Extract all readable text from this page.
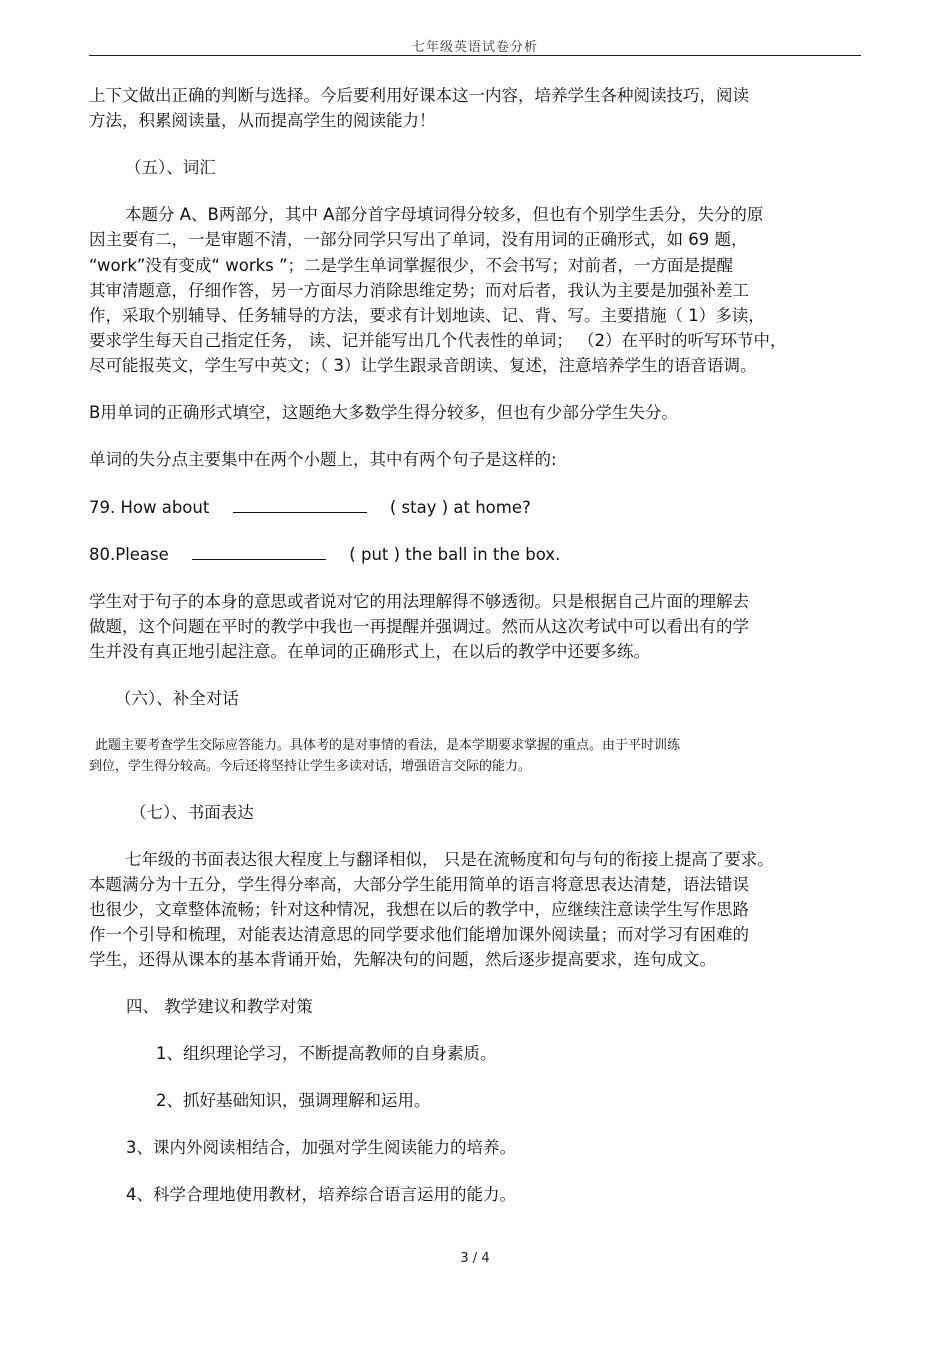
七年级英语试卷分析
上下文做出正确的判断与选择。今后要利用好课本这一内容，培养学生各种阅读技巧，阅读
方法，积累阅读量，从而提高学生的阅读能力！
（五）、词汇
本题分 A、B两部分，其中 A部分首字母填词得分较多，但也有个别学生丢分，失分的原
因主要有二，一是审题不清，一部分同学只写出了单词，没有用词的正确形式，如 69 题，
“work”没有变成“ works ”；二是学生单词掌握很少，不会书写；对前者，一方面是提醒
其审清题意，仔细作答，另一方面尽力消除思维定势；而对后者，我认为主要是加强补差工
作，采取个别辅导、任务辅导的方法，要求有计划地读、记、背、写。主要措施（ 1）多读，
要求学生每天自己指定任务， 读、记并能写出几个代表性的单词； （2）在平时的听写环节中，
尽可能报英文，学生写中英文；（ 3）让学生跟录音朗读、复述，注意培养学生的语音语调。
B用单词的正确形式填空，这题绝大多数学生得分较多，但也有少部分学生失分。
单词的失分点主要集中在两个小题上，其中有两个句子是这样的:
79. How about	( stay ) at home?
80.Please	( put ) the ball in the box.
学生对于句子的本身的意思或者说对它的用法理解得不够透彻。只是根据自己片面的理解去
做题，这个问题在平时的教学中我也一再提醒并强调过。然而从这次考试中可以看出有的学
生并没有真正地引起注意。在单词的正确形式上，在以后的教学中还要多练。
（六）、补全对话
此题主要考查学生交际应答能力。具体考的是对事情的看法，是本学期要求掌握的重点。由于平时训练
到位，学生得分较高。今后还将坚持让学生多读对话，增强语言交际的能力。
（七）、书面表达
七年级的书面表达很大程度上与翻译相似， 只是在流畅度和句与句的衔接上提高了要求。
本题满分为十五分，学生得分率高，大部分学生能用简单的语言将意思表达清楚，语法错误
也很少，文章整体流畅；针对这种情况，我想在以后的教学中，应继续注意读学生写作思路
作一个引导和梳理，对能表达清意思的同学要求他们能增加课外阅读量；而对学习有困难的
学生，还得从课本的基本背诵开始，先解决句的问题，然后逐步提高要求，连句成文。
四、 教学建议和教学对策
1、组织理论学习，不断提高教师的自身素质。
2、抓好基础知识，强调理解和运用。
3、课内外阅读相结合，加强对学生阅读能力的培养。
4、科学合理地使用教材，培养综合语言运用的能力。
3 / 4
